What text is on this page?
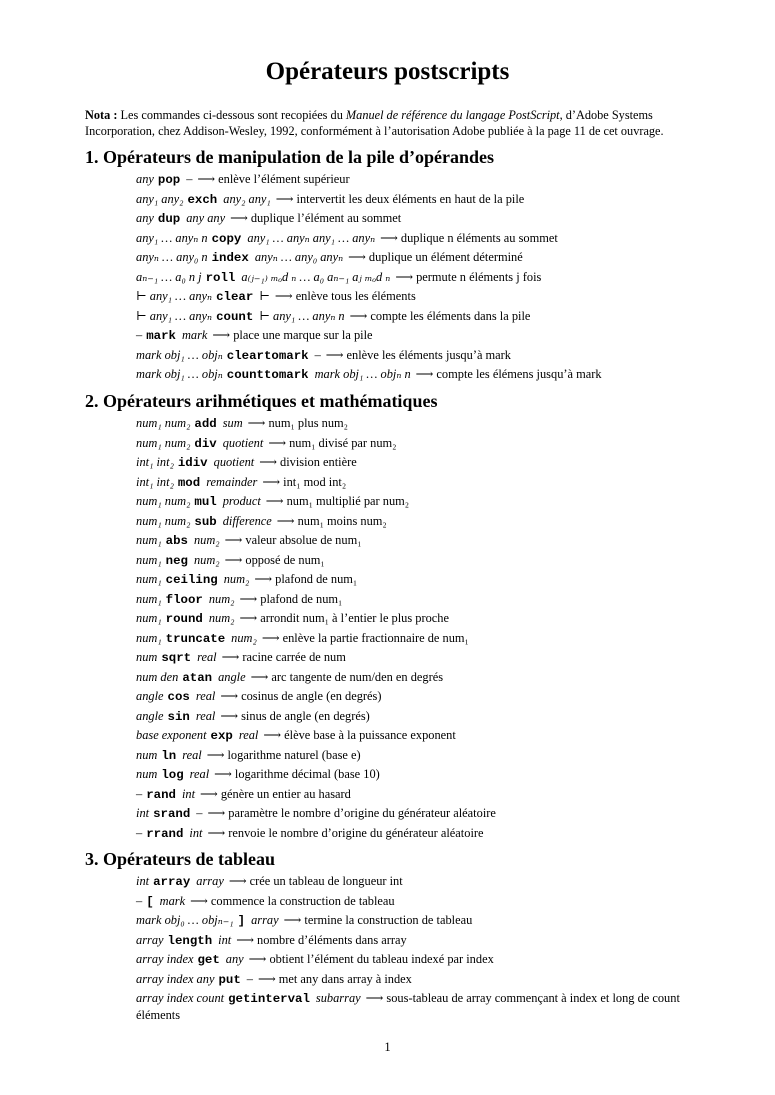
Opérateurs postscripts

Nota : Les commandes ci-dessous sont recopiées du Manuel de référence du langage PostScript, d’Adobe Systems Incorporation, chez Addison-Wesley, 1992, conformément à l’autorisation Adobe publiée à la page 11 de cet ouvrage.

1. Opérateurs de manipulation de la pile d’opérandes
any pop – ⟶ enlève l’élément supérieur
any₁ any₂ exch any₂ any₁ ⟶ intervertit les deux éléments en haut de la pile
any dup any any ⟶ duplique l’élément au sommet
any₁ … anyₙ n copy any₁ … anyₙ any₁ … anyₙ ⟶ duplique n éléments au sommet
anyₙ … any₀ n index anyₙ … any₀ anyₙ ⟶ duplique un élément déterminé
aₙ₋₁ … a₀ n j roll a₍ⱼ₋₁₎ ₘₒd ₙ … a₀ aₙ₋₁ aⱼ ₘₒd ₙ ⟶ permute n éléments j fois
⊢ any₁ … anyₙ clear ⊢ ⟶ enlève tous les éléments
⊢ any₁ … anyₙ count ⊢ any₁ … anyₙ n ⟶ compte les éléments dans la pile
– mark mark ⟶ place une marque sur la pile
mark obj₁ … objₙ cleartomark – ⟶ enlève les éléments jusqu’à mark
mark obj₁ … objₙ counttomark mark obj₁ … objₙ n ⟶ compte les élémens jusqu’à mark
2. Opérateurs arihmétiques et mathématiques
num₁ num₂ add sum ⟶ num₁ plus num₂
num₁ num₂ div quotient ⟶ num₁ divisé par num₂
int₁ int₂ idiv quotient ⟶ division entière
int₁ int₂ mod remainder ⟶ int₁ mod int₂
num₁ num₂ mul product ⟶ num₁ multiplié par num₂
num₁ num₂ sub difference ⟶ num₁ moins num₂
num₁ abs num₂ ⟶ valeur absolue de num₁
num₁ neg num₂ ⟶ opposé de num₁
num₁ ceiling num₂ ⟶ plafond de num₁
num₁ floor num₂ ⟶ plafond de num₁
num₁ round num₂ ⟶ arrondit num₁ à l’entier le plus proche
num₁ truncate num₂ ⟶ enlève la partie fractionnaire de num₁
num sqrt real ⟶ racine carrée de num
num den atan angle ⟶ arc tangente de num/den en degrés
angle cos real ⟶ cosinus de angle (en degrés)
angle sin real ⟶ sinus de angle (en degrés)
base exponent exp real ⟶ élève base à la puissance exponent
num ln real ⟶ logarithme naturel (base e)
num log real ⟶ logarithme décimal (base 10)
– rand int ⟶ génère un entier au hasard
int srand – ⟶ paramètre le nombre d’origine du générateur aléatoire
– rrand int ⟶ renvoie le nombre d’origine du générateur aléatoire
3. Opérateurs de tableau
int array array ⟶ crée un tableau de longueur int
– [ mark ⟶ commence la construction de tableau
mark obj₀ … objₙ₋₁ ] array ⟶ termine la construction de tableau
array length int ⟶ nombre d’éléments dans array
array index get any ⟶ obtient l’élément du tableau indexé par index
array index any put – ⟶ met any dans array à index
array index count getinterval subarray ⟶ sous-tableau de array commençant à index et long de count éléments

1
